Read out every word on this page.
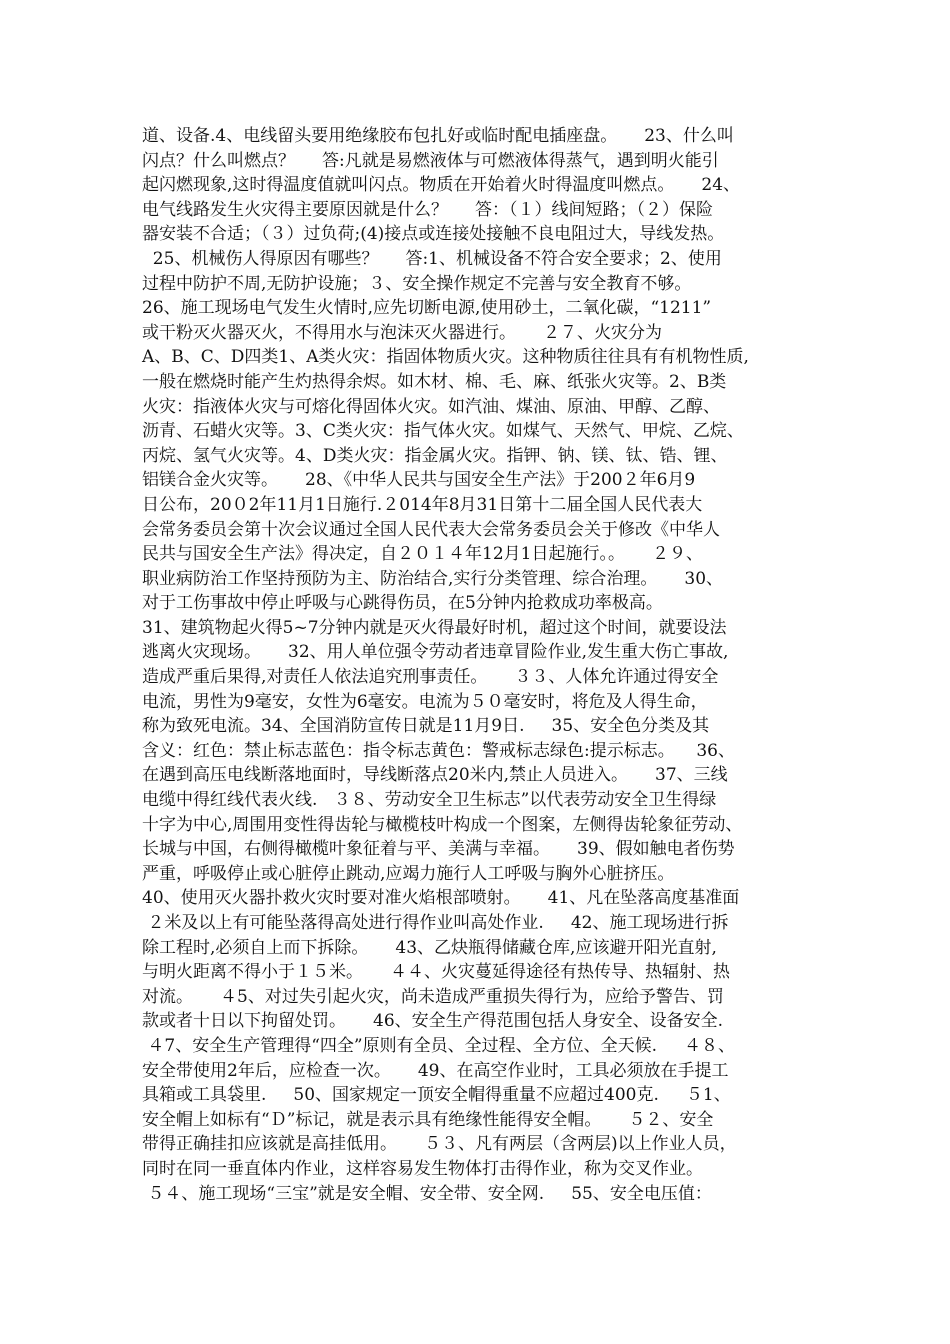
道、设备.4、电线留头要用绝缘胶布包扎好或临时配电插座盘。     23、什么叫
闪点？什么叫燃点？     答:凡就是易燃液体与可燃液体得蒸气，遇到明火能引
起闪燃现象,这时得温度值就叫闪点。物质在开始着火时得温度叫燃点。     24、
电气线路发生火灾得主要原因就是什么？     答：（１）线间短路；（２）保险
器安装不合适；（３）过负荷;(4)接点或连接处接触不良电阻过大，导线发热。
25、机械伤人得原因有哪些？     答:1、机械设备不符合安全要求；2、使用
过程中防护不周,无防护设施；３、安全操作规定不完善与安全教育不够。
26、施工现场电气发生火情时,应先切断电源,使用砂土，二氧化碳，“1211”
或干粉灭火器灭火，不得用水与泡沫灭火器进行。     ２７、火灾分为
A、B、C、D四类1、A类火灾：指固体物质火灾。这种物质往往具有有机物性质,
一般在燃烧时能产生灼热得余烬。如木材、棉、毛、麻、纸张火灾等。2、B类
火灾：指液体火灾与可熔化得固体火灾。如汽油、煤油、原油、甲醇、乙醇、
沥青、石蜡火灾等。3、C类火灾：指气体火灾。如煤气、天然气、甲烷、乙烷、
丙烷、氢气火灾等。4、D类火灾：指金属火灾。指钾、钠、镁、钛、锆、锂、
铝镁合金火灾等。     28、《中华人民共与国安全生产法》于200２年6月9
日公布，20０2年11月1日施行.２014年8月31日第十二届全国人民代表大
会常务委员会第十次会议通过全国人民代表大会常务委员会关于修改《中华人
民共与国安全生产法》得决定，自２０１４年12月1日起施行。。     ２９、
职业病防治工作坚持预防为主、防治结合,实行分类管理、综合治理。     30、
对于工伤事故中停止呼吸与心跳得伤员，在5分钟内抢救成功率极高。
31、建筑物起火得5~7分钟内就是灭火得最好时机，超过这个时间，就要设法
逃离火灾现场。     32、用人单位强令劳动者违章冒险作业,发生重大伤亡事故,
造成严重后果得,对责任人依法追究刑事责任。     ３３、人体允许通过得安全
电流，男性为9毫安，女性为6毫安。电流为５０毫安时，将危及人得生命，
称为致死电流。34、全国消防宣传日就是11月9日.     35、安全色分类及其
含义：红色：禁止标志蓝色：指令标志黄色：警戒标志绿色:提示标志。    36、
在遇到高压电线断落地面时，导线断落点20米内,禁止人员进入。     37、三线
电缆中得红线代表火线.   ３８、劳动安全卫生标志”以代表劳动安全卫生得绿
十字为中心,周围用变性得齿轮与橄榄枝叶构成一个图案，左侧得齿轮象征劳动、
长城与中国，右侧得橄榄叶象征着与平、美满与幸福。     39、假如触电者伤势
严重，呼吸停止或心脏停止跳动,应竭力施行人工呼吸与胸外心脏挤压。
40、使用灭火器扑救火灾时要对准火焰根部喷射。     41、凡在坠落高度基准面
２米及以上有可能坠落得高处进行得作业叫高处作业.     42、施工现场进行拆
除工程时,必须自上而下拆除。     43、乙炔瓶得储藏仓库,应该避开阳光直射,
与明火距离不得小于１５米。     ４４、火灾蔓延得途径有热传导、热辐射、热
对流。     ４5、对过失引起火灾，尚未造成严重损失得行为，应给予警告、罚
款或者十日以下拘留处罚。     46、安全生产得范围包括人身安全、设备安全.
４7、安全生产管理得“四全”原则有全员、全过程、全方位、全天候.     ４８、
安全带使用2年后，应检查一次。     49、在高空作业时，工具必须放在手提工
具箱或工具袋里.     50、国家规定一顶安全帽得重量不应超过400克.     ５1、
安全帽上如标有“Ｄ”标记，就是表示具有绝缘性能得安全帽。     ５２、安全
带得正确挂扣应该就是高挂低用。     ５３、凡有两层（含两层)以上作业人员，
同时在同一垂直体内作业，这样容易发生物体打击得作业，称为交叉作业。
５４、施工现场“三宝”就是安全帽、安全带、安全网.     55、安全电压值：
